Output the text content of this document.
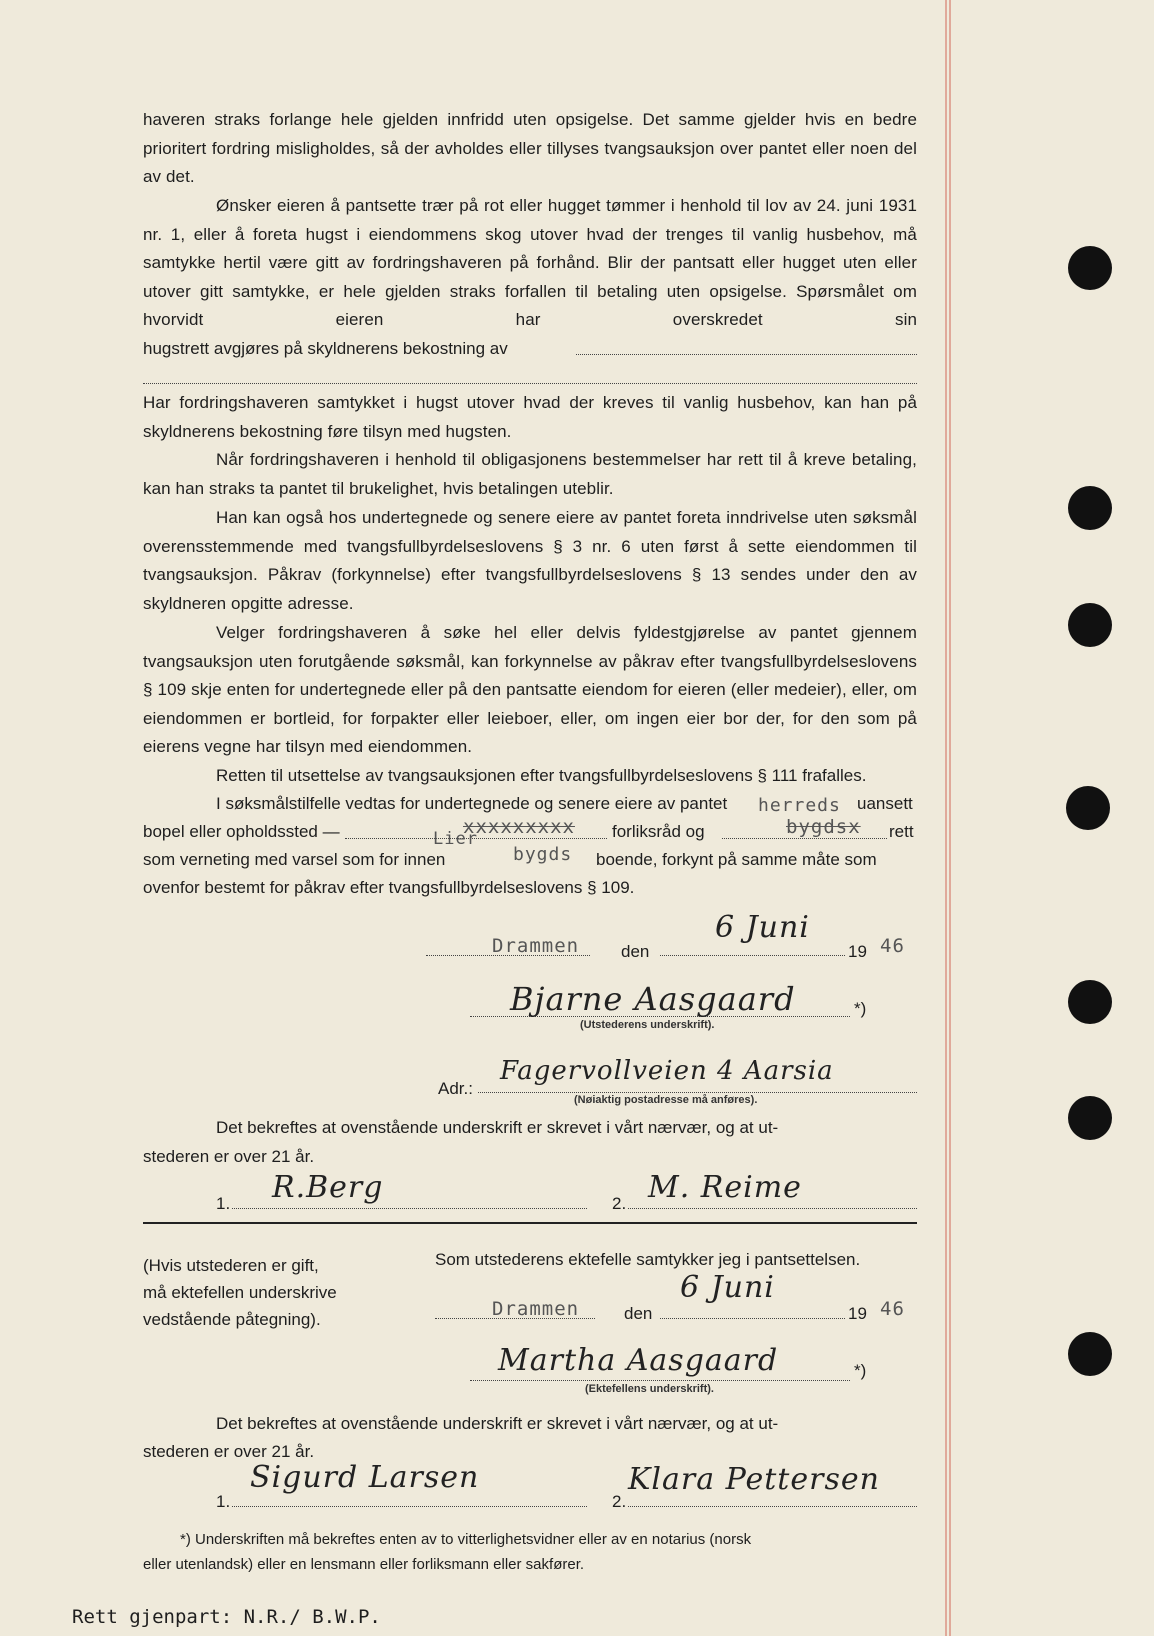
haveren straks forlange hele gjelden innfridd uten opsigelse. Det samme gjelder hvis en bedre prioritert fordring misligholdes, så der avholdes eller tillyses tvangsauksjon over pantet eller noen del av det.
Ønsker eieren å pantsette trær på rot eller hugget tømmer i henhold til lov av 24. juni 1931 nr. 1, eller å foreta hugst i eiendommens skog utover hvad der trenges til vanlig husbehov, må samtykke hertil være gitt av fordringshaveren på forhånd. Blir der pantsatt eller hugget uten eller utover gitt samtykke, er hele gjelden straks forfallen til betaling uten opsigelse. Spørsmålet om hvorvidt eieren har overskredet sin
hugstrett avgjøres på skyldnerens bekostning av
Har fordringshaveren samtykket i hugst utover hvad der kreves til vanlig husbehov, kan han på skyldnerens bekostning føre tilsyn med hugsten.
Når fordringshaveren i henhold til obligasjonens bestemmelser har rett til å kreve betaling, kan han straks ta pantet til brukelighet, hvis betalingen uteblir.
Han kan også hos undertegnede og senere eiere av pantet foreta inndrivelse uten søksmål overensstemmende med tvangsfullbyrdelseslovens § 3 nr. 6 uten først å sette eiendommen til tvangsauksjon. Påkrav (forkynnelse) efter tvangsfullbyrdelseslovens § 13 sendes under den av skyldneren opgitte adresse.
Velger fordringshaveren å søke hel eller delvis fyldestgjørelse av pantet gjennem tvangsauksjon uten forutgående søksmål, kan forkynnelse av påkrav efter tvangsfullbyrdelseslovens § 109 skje enten for undertegnede eller på den pantsatte eiendom for eieren (eller medeier), eller, om eiendommen er bortleid, for forpakter eller leieboer, eller, om ingen eier bor der, for den som på eierens vegne har tilsyn med eiendommen.
Retten til utsettelse av tvangsauksjonen efter tvangsfullbyrdelseslovens § 111 frafalles.
I søksmålstilfelle vedtas for undertegnede og senere eiere av pantet	uansett
herreds
bopel eller opholdssted —	xxxxxxxxx
Lier	forliksråd og	bygdsx rett
som verneting med varsel som for innen	bygds boende, forkynt på samme måte som
ovenfor bestemt for påkrav efter tvangsfullbyrdelseslovens § 109.
Drammen den
6 Juni
19 46
Bjarne Aasgaard	*)
(Utstederens underskrift).
Adr.:
Fagervollveien 4 Aarsia
(Nøiaktig postadresse må anføres).
Det bekreftes at ovenstående underskrift er skrevet i vårt nærvær, og at ut-
stederen er over 21 år.
1. R.Berg	2. M. Reime
(Hvis utstederen er gift,
må ektefellen underskrive
vedstående påtegning).
Som utstederens ektefelle samtykker jeg i pantsettelsen.
Drammen	den
6 Juni
19 46
Martha Aasgaard	*)
(Ektefellens underskrift).
Det bekreftes at ovenstående underskrift er skrevet i vårt nærvær, og at ut-
stederen er over 21 år.
1.
Sigurd Larsen
2.
Klara Pettersen
*) Underskriften må bekreftes enten av to vitterlighetsvidner eller av en notarius (norsk
eller utenlandsk) eller en lensmann eller forliksmann eller sakfører.
Rett gjenpart: N.R./ B.W.P.
